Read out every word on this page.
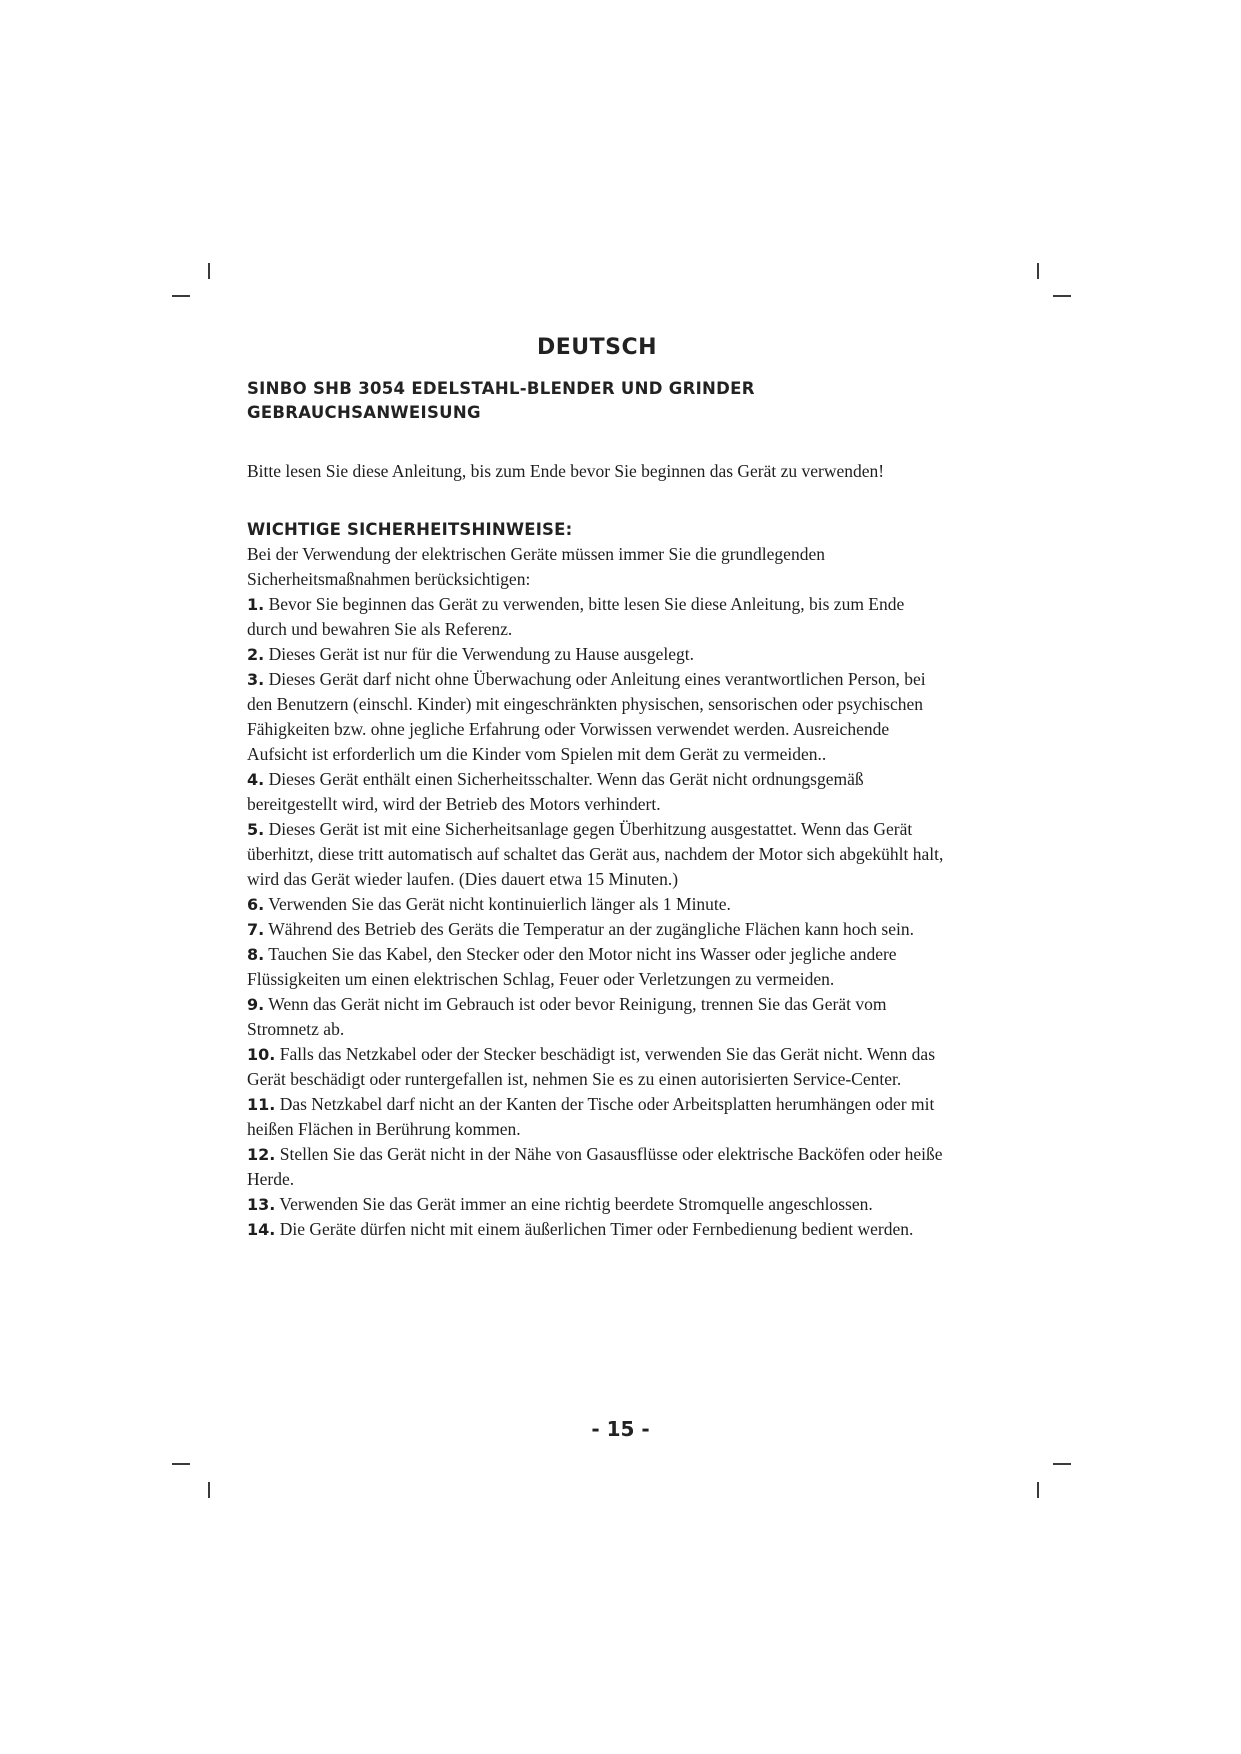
DEUTSCH

SINBO SHB 3054 EDELSTAHL-BLENDER UND GRINDER

GEBRAUCHSANWEISUNG

Bitte lesen Sie diese Anleitung, bis zum Ende bevor Sie beginnen das Gerät zu verwenden!

WICHTIGE SICHERHEITSHINWEISE:

Bei der Verwendung der elektrischen Geräte müssen immer Sie die grundlegenden Sicherheitsmaßnahmen berücksichtigen:

1. Bevor Sie beginnen das Gerät zu verwenden, bitte lesen Sie diese Anleitung, bis zum Ende durch und bewahren Sie als Referenz.

2. Dieses Gerät ist nur für die Verwendung zu Hause ausgelegt.

3. Dieses Gerät darf nicht ohne Überwachung oder Anleitung eines verantwortlichen Person, bei den Benutzern (einschl. Kinder) mit eingeschränkten physischen, sensorischen oder psychischen Fähigkeiten bzw. ohne jegliche Erfahrung oder Vorwissen verwendet werden. Ausreichende Aufsicht ist erforderlich um die Kinder vom Spielen mit dem Gerät zu vermeiden..

4. Dieses Gerät enthält einen Sicherheitsschalter. Wenn das Gerät nicht ordnungsgemäß bereitgestellt wird, wird der Betrieb des Motors verhindert.

5. Dieses Gerät ist mit eine Sicherheitsanlage gegen Überhitzung ausgestattet. Wenn das Gerät überhitzt, diese tritt automatisch auf schaltet das Gerät aus, nachdem der Motor sich abgekühlt halt, wird das Gerät wieder laufen. (Dies dauert etwa 15 Minuten.)

6. Verwenden Sie das Gerät nicht kontinuierlich länger als 1 Minute.

7. Während des Betrieb des Geräts die Temperatur an der zugängliche Flächen kann hoch sein.

8. Tauchen Sie das Kabel, den Stecker oder den Motor nicht ins Wasser oder jegliche andere Flüssigkeiten um einen elektrischen Schlag, Feuer oder Verletzungen zu vermeiden.

9. Wenn das Gerät nicht im Gebrauch ist oder bevor Reinigung, trennen Sie das Gerät vom Stromnetz ab.

10. Falls das Netzkabel oder der Stecker beschädigt ist, verwenden Sie das Gerät nicht. Wenn das Gerät beschädigt oder runtergefallen ist, nehmen Sie es zu einen autorisierten Service-Center.

11. Das Netzkabel darf nicht an der Kanten der Tische oder Arbeitsplatten herumhängen oder mit heißen Flächen in Berührung kommen.

12. Stellen Sie das Gerät nicht in der Nähe von Gasausflüsse oder elektrische Backöfen oder heiße Herde.

13. Verwenden Sie das Gerät immer an eine richtig beerdete Stromquelle angeschlossen.

14. Die Geräte dürfen nicht mit einem äußerlichen Timer oder Fernbedienung bedient werden.

- 15 -
